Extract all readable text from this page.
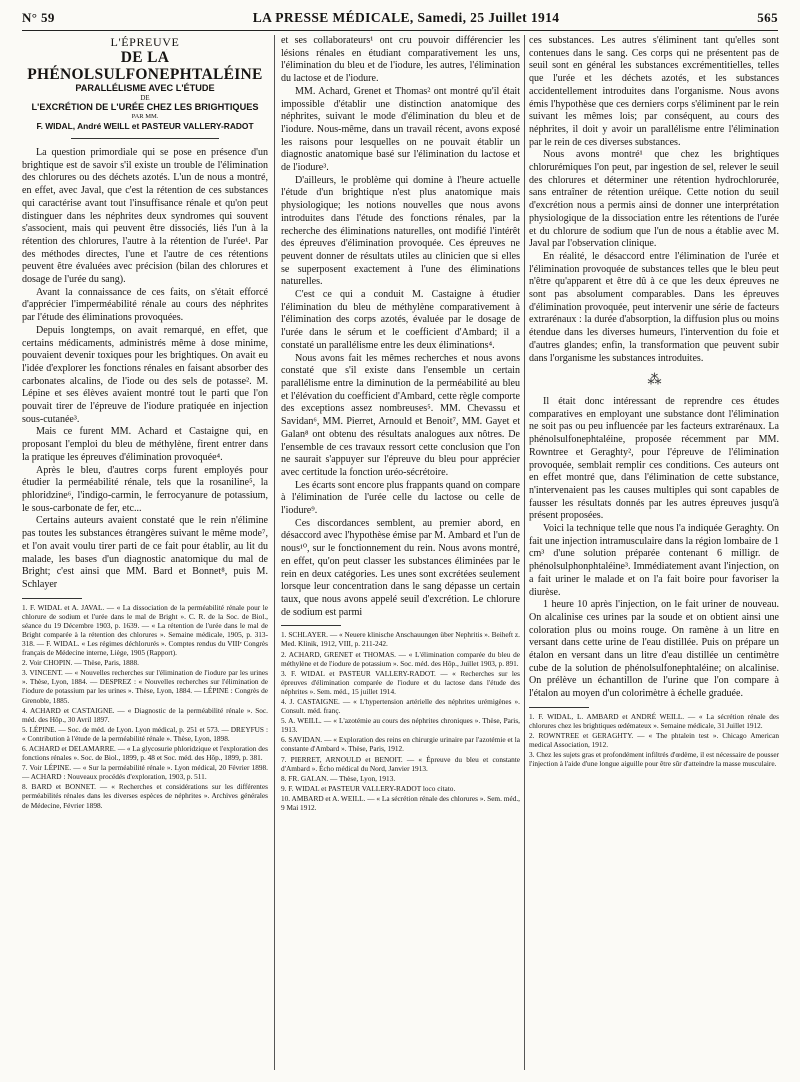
N° 59	LA PRESSE MÉDICALE, Samedi, 25 Juillet 1914	565
L'ÉPREUVE
DE LA PHÉNOLSULFONEPHTALÉINE
PARALLÉLISME AVEC L'ÉTUDE
DE
L'EXCRÉTION DE L'URÉE CHEZ LES BRIGHTIQUES
PAR MM.
F. WIDAL, André WEILL et PASTEUR VALLERY-RADOT

La question primordiale qui se pose en présence d'un brightique est de savoir s'il existe un trouble de l'élimination des chlorures ou des déchets azotés. L'un de nous a montré, en effet, avec Javal, que c'est la rétention de ces substances qui caractérise avant tout l'insuffisance rénale et qu'on peut distinguer dans les néphrites deux syndromes qui souvent s'associent, mais qui peuvent être dissociés, liés l'un à la rétention des chlorures, l'autre à la rétention de l'urée¹. Par des méthodes directes, l'une et l'autre de ces rétentions peuvent être évaluées avec précision (bilan des chlorures et dosage de l'urée du sang).

Avant la connaissance de ces faits, on s'était efforcé d'apprécier l'imperméabilité rénale au cours des néphrites par l'étude des éliminations provoquées.

Depuis longtemps, on avait remarqué, en effet, que certains médicaments, administrés même à dose minime, pouvaient devenir toxiques pour les brightiques. On avait eu l'idée d'explorer les fonctions rénales en faisant absorber des carbonates alcalins, de l'iode ou des sels de potasse². M. Lépine et ses élèves avaient montré tout le parti que l'on pouvait tirer de l'épreuve de l'iodure pratiquée en injection sous-cutanée³.

Mais ce furent MM. Achard et Castaigne qui, en proposant l'emploi du bleu de méthylène, firent entrer dans la pratique les épreuves d'élimination provoquée⁴.

Après le bleu, d'autres corps furent employés pour étudier la perméabilité rénale, tels que la rosaniline⁵, la phloridzine⁶, l'indigo-carmin, le ferrocyanure de potassium, le sous-carbonate de fer, etc...

Certains auteurs avaient constaté que le rein n'élimine pas toutes les substances étrangères suivant le même mode⁷, et l'on avait voulu tirer parti de ce fait pour établir, au lit du malade, les bases d'un diagnostic anatomique du mal de Bright; c'est ainsi que MM. Bard et Bonnet⁸, puis M. Schlayer

1. F. WIDAL et A. JAVAL. — « La dissociation de la perméabilité rénale pour le chlorure de sodium et l'urée dans le mal de Bright ». C. R. de la Soc. de Biol., séance du 19 Décembre 1903, p. 1639. — « La rétention de l'urée dans le mal de Bright comparée à la rétention des chlorures ». Semaine médicale, 1905, p. 313-318. — F. WIDAL. « Les régimes déchlorurés ». Comptes rendus du VIIIᵉ Congrès français de Médecine interne, Liège, 1905 (Rapport).
2. Voir CHOPIN. — Thèse, Paris, 1888.
3. VINCENT. — « Nouvelles recherches sur l'élimination de l'iodure par les urines ». Thèse, Lyon, 1884. — DESPREZ : « Nouvelles recherches sur l'élimination de l'iodure de potassium par les urines ». Thèse, Lyon, 1884. — LÉPINE : Congrès de Grenoble, 1885.
4. ACHARD et CASTAIGNE. — « Diagnostic de la perméabilité rénale ». Soc. méd. des Hôp., 30 Avril 1897.
5. LÉPINE. — Soc. de méd. de Lyon. Lyon médical, p. 251 et 573. — DREYFUS : « Contribution à l'étude de la perméabilité rénale ». Thèse, Lyon, 1898.
6. ACHARD et DELAMARRE. — « La glycosurie phloridzique et l'exploration des fonctions rénales ». Soc. de Biol., 1899, p. 48 et Soc. méd. des Hôp., 1899, p. 381.
7. Voir LÉPINE. — « Sur la perméabilité rénale ». Lyon médical, 20 Février 1898. — ACHARD : Nouveaux procédés d'exploration, 1903, p. 511.
8. BARD et BONNET. — « Recherches et considérations sur les différentes perméabilités rénales dans les diverses espèces de néphrites ». Archives générales de Médecine, Février 1898.

et ses collaborateurs¹ ont cru pouvoir différencier les lésions rénales en étudiant comparativement les uns, l'élimination du bleu et de l'iodure, les autres, l'élimination du lactose et de l'iodure.

MM. Achard, Grenet et Thomas² ont montré qu'il était impossible d'établir une distinction anatomique des néphrites, suivant le mode d'élimination du bleu et de l'iodure. Nous-même, dans un travail récent, avons exposé les raisons pour lesquelles on ne pouvait établir un diagnostic anatomique basé sur l'élimination du lactose et de l'iodure³.

D'ailleurs, le problème qui domine à l'heure actuelle l'étude d'un brightique n'est plus anatomique mais physiologique; les notions nouvelles que nous avons introduites dans l'étude des fonctions rénales, par la recherche des éliminations naturelles, ont modifié l'intérêt des épreuves d'élimination provoquée. Ces épreuves ne peuvent donner de résultats utiles au clinicien que si elles se superposent exactement à l'une des éliminations naturelles.

C'est ce qui a conduit M. Castaigne à étudier l'élimination du bleu de méthylène comparativement à l'élimination des corps azotés, évaluée par le dosage de l'urée dans le sérum et le coefficient d'Ambard; il a constaté un parallélisme entre les deux éliminations⁴.

Nous avons fait les mêmes recherches et nous avons constaté que s'il existe dans l'ensemble un certain parallélisme entre la diminution de la perméabilité au bleu et l'élévation du coefficient d'Ambard, cette règle comporte des exceptions assez nombreuses⁵. MM. Chevassu et Savidan⁶, MM. Pierret, Arnould et Benoit⁷, MM. Gayet et Galan⁸ ont obtenu des résultats analogues aux nôtres. De l'ensemble de ces travaux ressort cette conclusion que l'on ne saurait s'appuyer sur l'épreuve du bleu pour apprécier avec certitude la fonction uréo-sécrétoire.

Les écarts sont encore plus frappants quand on compare à l'élimination de l'urée celle du lactose ou celle de l'iodure⁹.

Ces discordances semblent, au premier abord, en désaccord avec l'hypothèse émise par M. Ambard et l'un de nous¹⁰, sur le fonctionnement du rein. Nous avons montré, en effet, qu'on peut classer les substances éliminées par le rein en deux catégories. Les unes sont excrétées seulement lorsque leur concentration dans le sang dépasse un certain taux, que nous avons appelé seuil d'excrétion. Le chlorure de sodium est parmi

1. SCHLAYER. — « Neuere klinische Anschauungen über Nephritis ». Beiheft z. Med. Klinik, 1912, VIII, p. 211-242.
2. ACHARD, GRENET et THOMAS. — « L'élimination comparée du bleu de méthylène et de l'iodure de potassium ». Soc. méd. des Hôp., Juillet 1903, p. 891.
3. F. WIDAL et PASTEUR VALLERY-RADOT. — « Recherches sur les épreuves d'élimination comparée de l'iodure et du lactose dans l'étude des néphrites ». Sem. méd., 15 juillet 1914.
4. J. CASTAIGNE. — « L'hypertension artérielle des néphrites urémigènes ». Consult. méd. franç.
5. A. WEILL. — « L'azotémie au cours des néphrites chroniques ». Thèse, Paris, 1913.
6. SAVIDAN. — « Exploration des reins en chirurgie urinaire par l'azotémie et la constante d'Ambard ». Thèse, Paris, 1912.
7. PIERRET, ARNOULD et BENOIT. — « Épreuve du bleu et constante d'Ambard ». Écho médical du Nord, Janvier 1913.
8. FR. GALAN. — Thèse, Lyon, 1913.
9. F. WIDAL et PASTEUR VALLERY-RADOT loco citato.
10. AMBARD et A. WEILL. — « La sécrétion rénale des chlorures ». Sem. méd., 9 Mai 1912.

ces substances. Les autres s'éliminent tant qu'elles sont contenues dans le sang. Ces corps qui ne présentent pas de seuil sont en général les substances excrémentitielles, telles que l'urée et les déchets azotés, et les substances accidentellement introduites dans l'organisme. Nous avons émis l'hypothèse que ces derniers corps s'éliminent par le rein suivant les mêmes lois; par conséquent, au cours des néphrites, il doit y avoir un parallélisme entre l'élimination par le rein de ces diverses substances.

Nous avons montré¹ que chez les brightiques chlorurémiques l'on peut, par ingestion de sel, relever le seuil des chlorures et déterminer une rétention hydrochlorurée, sans entraîner de rétention uréique. Cette notion du seuil d'excrétion nous a permis ainsi de donner une interprétation physiologique de la dissociation entre les rétentions de l'urée et du chlorure de sodium que l'un de nous a établie avec M. Javal par l'observation clinique.

En réalité, le désaccord entre l'élimination de l'urée et l'élimination provoquée de substances telles que le bleu peut n'être qu'apparent et être dû à ce que les deux épreuves ne sont pas absolument comparables. Dans les épreuves d'élimination provoquée, peut intervenir une série de facteurs extrarénaux : la durée d'absorption, la diffusion plus ou moins étendue dans les diverses humeurs, l'intervention du foie et d'autres glandes; enfin, la transformation que peuvent subir dans l'organisme les substances introduites.

⁂

Il était donc intéressant de reprendre ces études comparatives en employant une substance dont l'élimination ne soit pas ou peu influencée par les facteurs extrarénaux. La phénolsulfonephtaléine, proposée récemment par MM. Rowntree et Geraghty², pour l'épreuve de l'élimination provoquée, semblait remplir ces conditions. Ces auteurs ont en effet montré que, dans l'élimination de cette substance, n'intervenaient pas les causes multiples qui sont capables de fausser les résultats donnés par les autres épreuves jusqu'à présent proposées.

Voici la technique telle que nous l'a indiquée Geraghty. On fait une injection intramusculaire dans la région lombaire de 1 cm³ d'une solution préparée contenant 6 milligr. de phénolsulphonphtaléine³. Immédiatement avant l'injection, on a fait uriner le malade et on l'a fait boire pour favoriser la diurèse.

1 heure 10 après l'injection, on le fait uriner de nouveau. On alcalinise ces urines par la soude et on obtient ainsi une coloration plus ou moins rouge. On ramène à un litre en versant dans cette urine de l'eau distillée. Puis on prépare un étalon en versant dans un litre d'eau distillée un centimètre cube de la solution de phénolsulfonephtaléine; on alcalinise. On prélève un échantillon de l'urine que l'on compare à l'étalon au moyen d'un colorimètre à échelle graduée.

1. F. WIDAL, L. AMBARD et ANDRÉ WEILL. — « La sécrétion rénale des chlorures chez les brightiques œdémateux ». Semaine médicale, 31 Juillet 1912.
2. ROWNTREE et GERAGHTY. — « The phtalein test ». Chicago American medical Association, 1912.
3. Chez les sujets gras et profondément infiltrés d'œdème, il est nécessaire de pousser l'injection à l'aide d'une longue aiguille pour être sûr d'atteindre la masse musculaire.
